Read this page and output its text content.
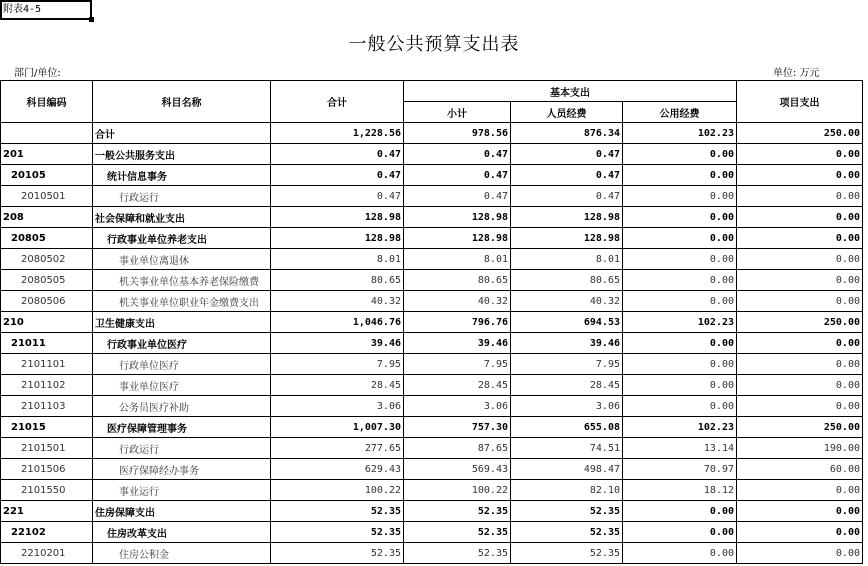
附表4-5
一般公共预算支出表
部门/单位:	单位: 万元
科目编码	科目名称	合计	基本支出			项目支出
			小计	人员经费	公用经费	
	合计	1,228.56	978.56	876.34	102.23	250.00
201	一般公共服务支出	0.47	0.47	0.47	0.00	0.00
20105	统计信息事务	0.47	0.47	0.47	0.00	0.00
2010501	行政运行	0.47	0.47	0.47	0.00	0.00
208	社会保障和就业支出	128.98	128.98	128.98	0.00	0.00
20805	行政事业单位养老支出	128.98	128.98	128.98	0.00	0.00
2080502	事业单位离退休	8.01	8.01	8.01	0.00	0.00
2080505	机关事业单位基本养老保险缴费	80.65	80.65	80.65	0.00	0.00
2080506	机关事业单位职业年金缴费支出	40.32	40.32	40.32	0.00	0.00
210	卫生健康支出	1,046.76	796.76	694.53	102.23	250.00
21011	行政事业单位医疗	39.46	39.46	39.46	0.00	0.00
2101101	行政单位医疗	7.95	7.95	7.95	0.00	0.00
2101102	事业单位医疗	28.45	28.45	28.45	0.00	0.00
2101103	公务员医疗补助	3.06	3.06	3.06	0.00	0.00
21015	医疗保障管理事务	1,007.30	757.30	655.08	102.23	250.00
2101501	行政运行	277.65	87.65	74.51	13.14	190.00
2101506	医疗保障经办事务	629.43	569.43	498.47	70.97	60.00
2101550	事业运行	100.22	100.22	82.10	18.12	0.00
221	住房保障支出	52.35	52.35	52.35	0.00	0.00
22102	住房改革支出	52.35	52.35	52.35	0.00	0.00
2210201	住房公积金	52.35	52.35	52.35	0.00	0.00
